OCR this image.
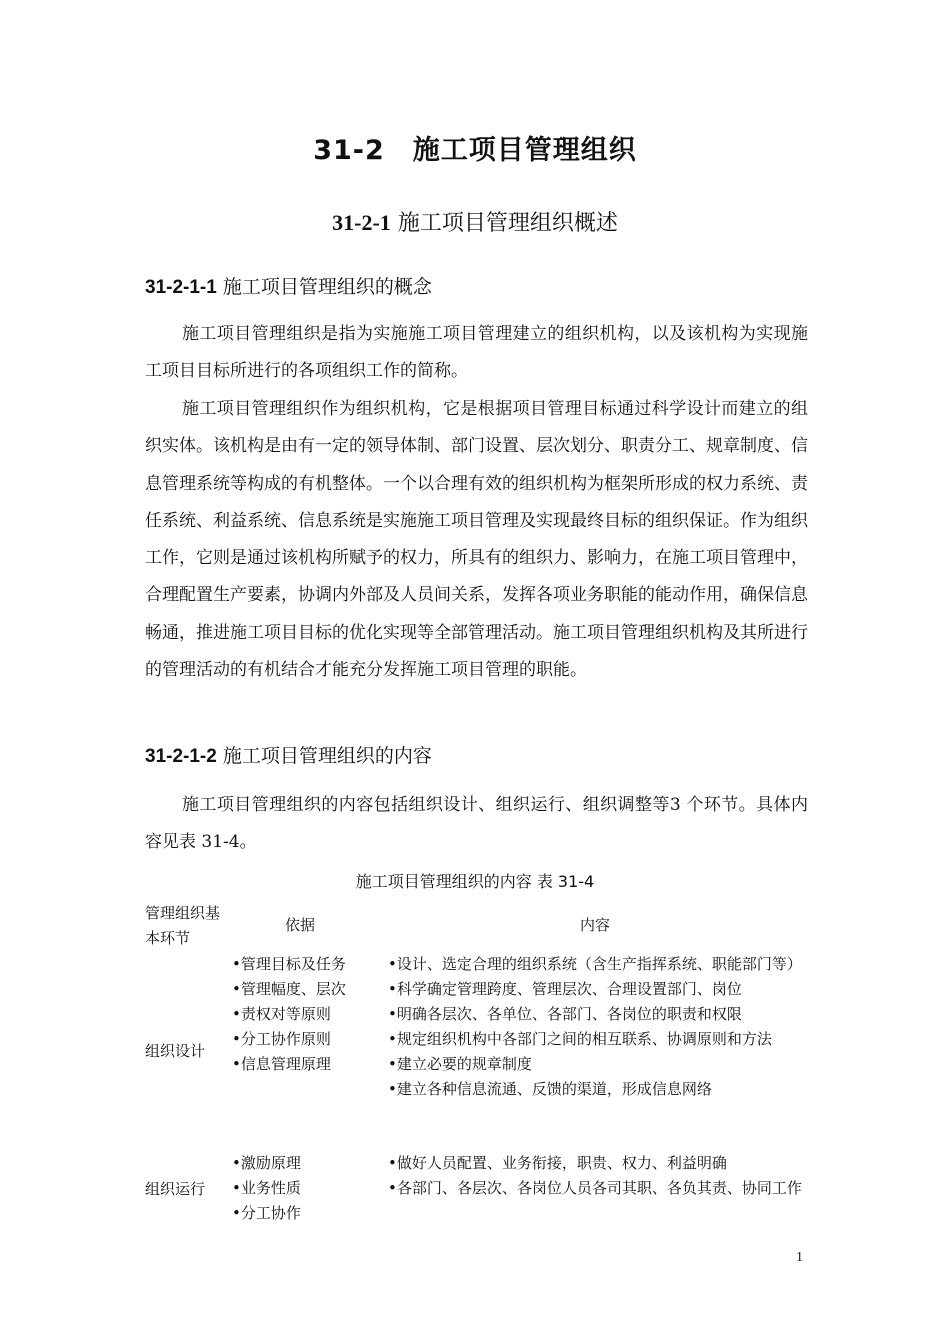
31-2　施工项目管理组织
31-2-1 施工项目管理组织概述
31-2-1-1 施工项目管理组织的概念

施工项目管理组织是指为实施施工项目管理建立的组织机构，以及该机构为实现施工项目目标所进行的各项组织工作的简称。

施工项目管理组织作为组织机构，它是根据项目管理目标通过科学设计而建立的组织实体。该机构是由有一定的领导体制、部门设置、层次划分、职责分工、规章制度、信息管理系统等构成的有机整体。一个以合理有效的组织机构为框架所形成的权力系统、责任系统、利益系统、信息系统是实施施工项目管理及实现最终目标的组织保证。作为组织工作，它则是通过该机构所赋予的权力，所具有的组织力、影响力，在施工项目管理中，合理配置生产要素，协调内外部及人员间关系，发挥各项业务职能的能动作用，确保信息畅通，推进施工项目目标的优化实现等全部管理活动。施工项目管理组织机构及其所进行的管理活动的有机结合才能充分发挥施工项目管理的职能。

31-2-1-2 施工项目管理组织的内容

施工项目管理组织的内容包括组织设计、组织运行、组织调整等3 个环节。具体内容见表 31-4。

施工项目管理组织的内容 表 31-4
管理组织基本环节
依据	内容
组织设计
•管理目标及任务
•管理幅度、层次
•责权对等原则
•分工协作原则
•信息管理原理
•设计、选定合理的组织系统（含生产指挥系统、职能部门等）
•科学确定管理跨度、管理层次、合理设置部门、岗位
•明确各层次、各单位、各部门、各岗位的职责和权限
•规定组织机构中各部门之间的相互联系、协调原则和方法
•建立必要的规章制度
•建立各种信息流通、反馈的渠道，形成信息网络
组织运行
•激励原理
•业务性质
•分工协作
•做好人员配置、业务衔接，职贵、权力、利益明确
•各部门、各层次、各岗位人员各司其职、各负其责、协同工作
1
